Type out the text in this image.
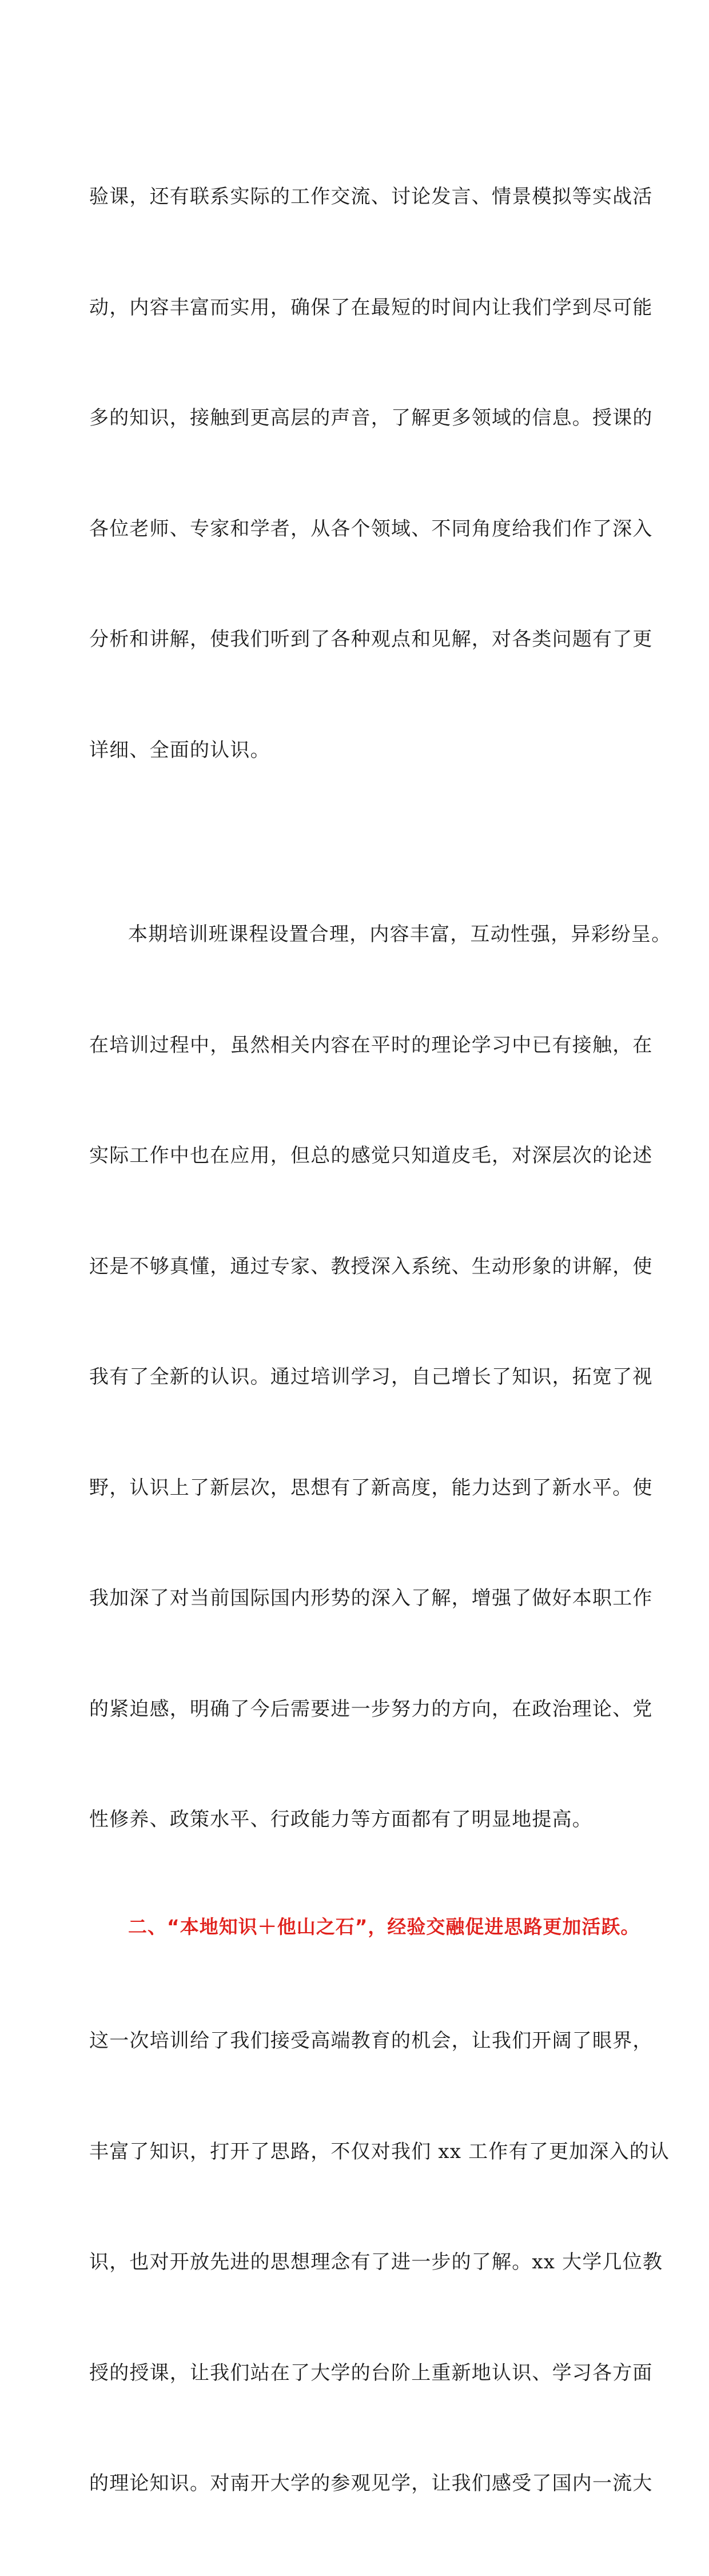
验课，还有联系实际的工作交流、讨论发言、情景模拟等实战活

动，内容丰富而实用，确保了在最短的时间内让我们学到尽可能

多的知识，接触到更高层的声音，了解更多领域的信息。授课的

各位老师、专家和学者，从各个领域、不同角度给我们作了深入

分析和讲解，使我们听到了各种观点和见解，对各类问题有了更

详细、全面的认识。

本期培训班课程设置合理，内容丰富，互动性强，异彩纷呈。

在培训过程中，虽然相关内容在平时的理论学习中已有接触，在

实际工作中也在应用，但总的感觉只知道皮毛，对深层次的论述

还是不够真懂，通过专家、教授深入系统、生动形象的讲解，使

我有了全新的认识。通过培训学习，自己增长了知识，拓宽了视

野，认识上了新层次，思想有了新高度，能力达到了新水平。使

我加深了对当前国际国内形势的深入了解，增强了做好本职工作

的紧迫感，明确了今后需要进一步努力的方向，在政治理论、党

性修养、政策水平、行政能力等方面都有了明显地提高。

二、“本地知识＋他山之石”，经验交融促进思路更加活跃。

这一次培训给了我们接受高端教育的机会，让我们开阔了眼界，

丰富了知识，打开了思路，不仅对我们 xx 工作有了更加深入的认

识，也对开放先进的思想理念有了进一步的了解。xx 大学几位教

授的授课，让我们站在了大学的台阶上重新地认识、学习各方面

的理论知识。对南开大学的参观见学，让我们感受了国内一流大
